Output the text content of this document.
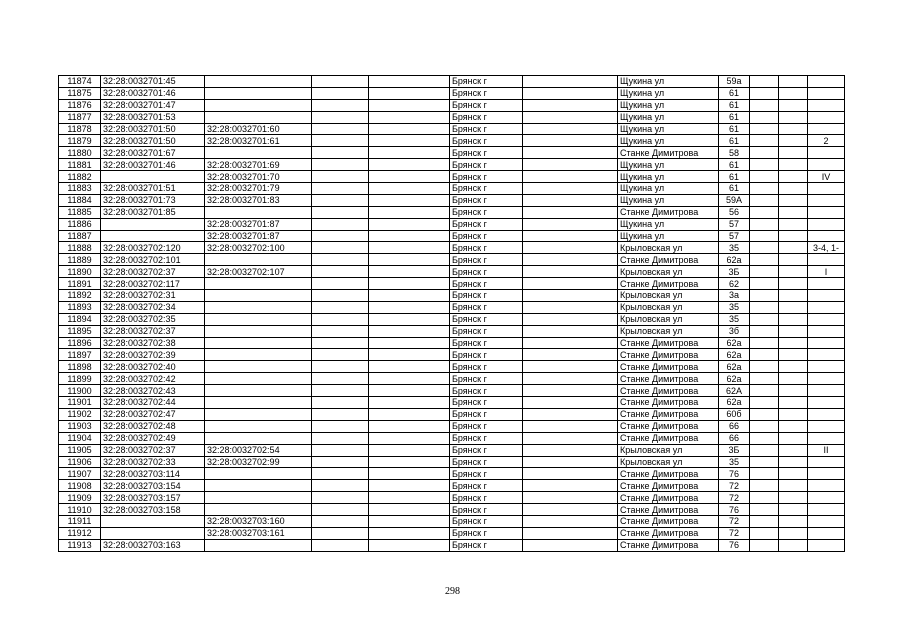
11874	32:28:0032701:45				Брянск г		Щукина ул	59а			
11875	32:28:0032701:46				Брянск г		Щукина ул	61			
11876	32:28:0032701:47				Брянск г		Щукина ул	61			
11877	32:28:0032701:53				Брянск г		Щукина ул	61			
11878	32:28:0032701:50	32:28:0032701:60			Брянск г		Щукина ул	61			
11879	32:28:0032701:50	32:28:0032701:61			Брянск г		Щукина ул	61			2
11880	32:28:0032701:67				Брянск г		Станке Димитрова	58			
11881	32:28:0032701:46	32:28:0032701:69			Брянск г		Щукина ул	61			
11882		32:28:0032701:70			Брянск г		Щукина ул	61			IV
11883	32:28:0032701:51	32:28:0032701:79			Брянск г		Щукина ул	61			
11884	32:28:0032701:73	32:28:0032701:83			Брянск г		Щукина ул	59А			
11885	32:28:0032701:85				Брянск г		Станке Димитрова	56			
11886		32:28:0032701:87			Брянск г		Щукина ул	57			
11887		32:28:0032701:87			Брянск г		Щукина ул	57			
11888	32:28:0032702:120	32:28:0032702:100			Брянск г		Крыловская ул	35			3-4, 1-
11889	32:28:0032702:101				Брянск г		Станке Димитрова	62а			
11890	32:28:0032702:37	32:28:0032702:107			Брянск г		Крыловская ул	3Б			I
11891	32:28:0032702:117				Брянск г		Станке Димитрова	62			
11892	32:28:0032702:31				Брянск г		Крыловская ул	3а			
11893	32:28:0032702:34				Брянск г		Крыловская ул	35			
11894	32:28:0032702:35				Брянск г		Крыловская ул	35			
11895	32:28:0032702:37				Брянск г		Крыловская ул	3б			
11896	32:28:0032702:38				Брянск г		Станке Димитрова	62а			
11897	32:28:0032702:39				Брянск г		Станке Димитрова	62а			
11898	32:28:0032702:40				Брянск г		Станке Димитрова	62а			
11899	32:28:0032702:42				Брянск г		Станке Димитрова	62а			
11900	32:28:0032702:43				Брянск г		Станке Димитрова	62А			
11901	32:28:0032702:44				Брянск г		Станке Димитрова	62а			
11902	32:28:0032702:47				Брянск г		Станке Димитрова	60б			
11903	32:28:0032702:48				Брянск г		Станке Димитрова	66			
11904	32:28:0032702:49				Брянск г		Станке Димитрова	66			
11905	32:28:0032702:37	32:28:0032702:54			Брянск г		Крыловская ул	3Б			II
11906	32:28:0032702:33	32:28:0032702:99			Брянск г		Крыловская ул	35			
11907	32:28:0032703:114				Брянск г		Станке Димитрова	76			
11908	32:28:0032703:154				Брянск г		Станке Димитрова	72			
11909	32:28:0032703:157				Брянск г		Станке Димитрова	72			
11910	32:28:0032703:158				Брянск г		Станке Димитрова	76			
11911		32:28:0032703:160			Брянск г		Станке Димитрова	72			
11912		32:28:0032703:161			Брянск г		Станке Димитрова	72			
11913	32:28:0032703:163				Брянск г		Станке Димитрова	76			
298
